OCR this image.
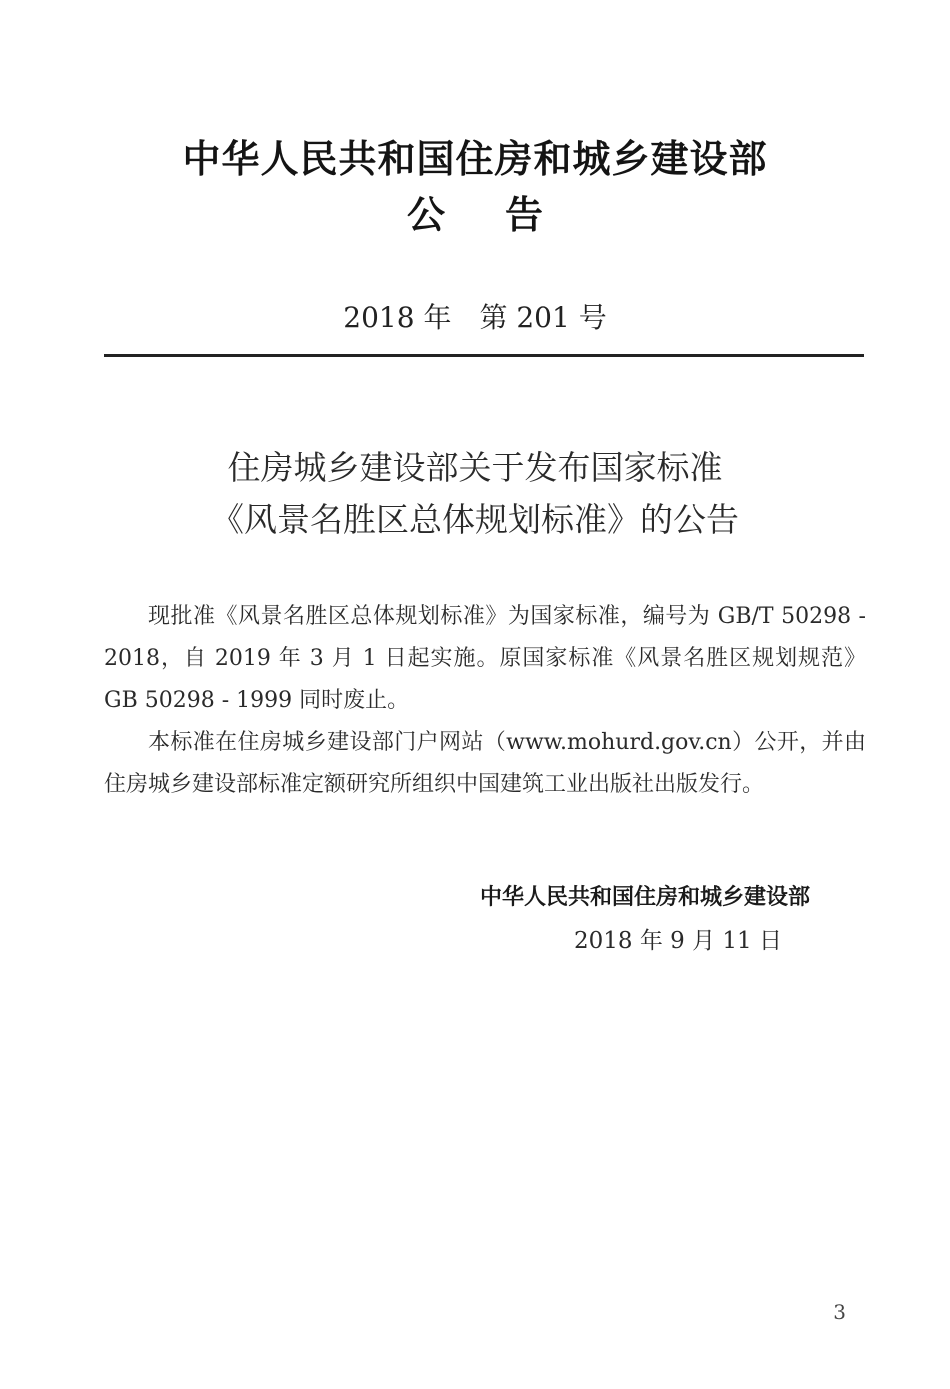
中华人民共和国住房和城乡建设部
公告
2018 年　第 201 号
住房城乡建设部关于发布国家标准
《风景名胜区总体规划标准》的公告

现批准《风景名胜区总体规划标准》为国家标准，编号为 GB/T 50298 - 2018，自 2019 年 3 月 1 日起实施。原国家标准《风景名胜区规划规范》GB 50298 - 1999 同时废止。

本标准在住房城乡建设部门户网站（www.mohurd.gov.cn）公开，并由住房城乡建设部标准定额研究所组织中国建筑工业出版社出版发行。

中华人民共和国住房和城乡建设部
2018 年 9 月 11 日
3
